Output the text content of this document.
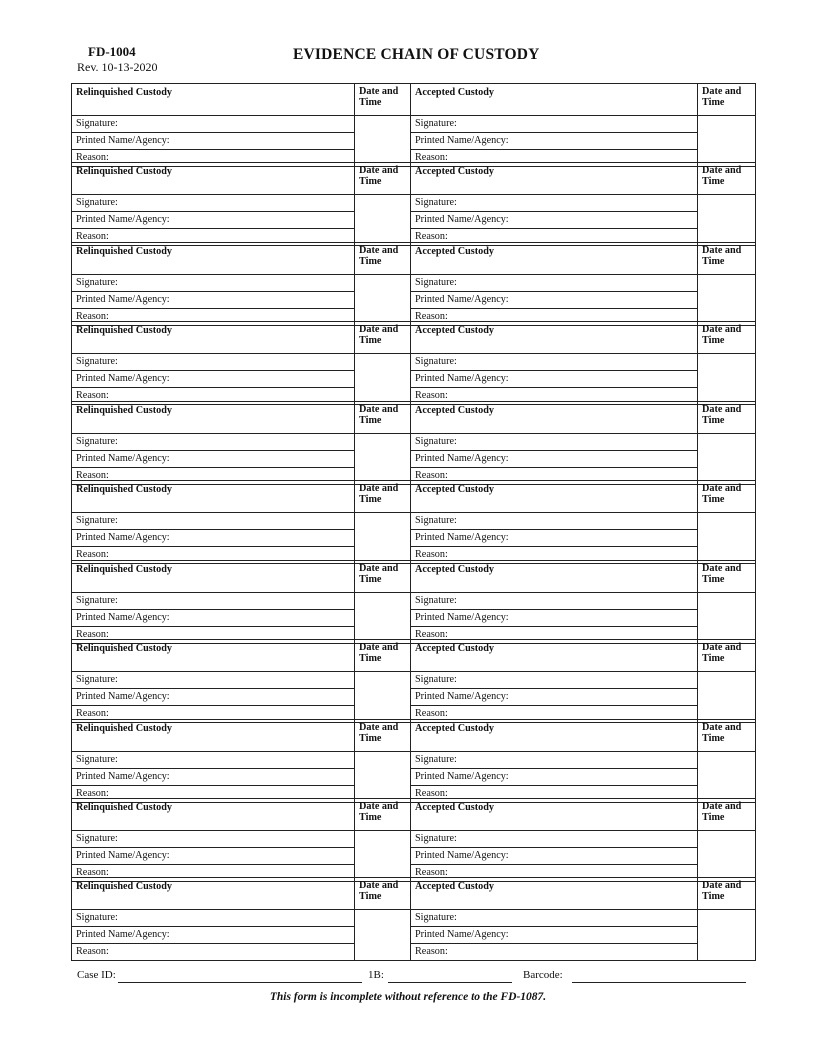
FD-1004
Rev. 10-13-2020
EVIDENCE CHAIN OF CUSTODY
Relinquished Custody	Date and Time	Accepted Custody	Date and Time
Signature:		Signature:	
Printed Name/Agency:		Printed Name/Agency:	
Reason:		Reason:	
Relinquished Custody	Date and Time	Accepted Custody	Date and Time
Signature:		Signature:	
Printed Name/Agency:		Printed Name/Agency:	
Reason:		Reason:	
Relinquished Custody	Date and Time	Accepted Custody	Date and Time
Signature:		Signature:	
Printed Name/Agency:		Printed Name/Agency:	
Reason:		Reason:	
Relinquished Custody	Date and Time	Accepted Custody	Date and Time
Signature:		Signature:	
Printed Name/Agency:		Printed Name/Agency:	
Reason:		Reason:	
Relinquished Custody	Date and Time	Accepted Custody	Date and Time
Signature:		Signature:	
Printed Name/Agency:		Printed Name/Agency:	
Reason:		Reason:	
Relinquished Custody	Date and Time	Accepted Custody	Date and Time
Signature:		Signature:	
Printed Name/Agency:		Printed Name/Agency:	
Reason:		Reason:	
Relinquished Custody	Date and Time	Accepted Custody	Date and Time
Signature:		Signature:	
Printed Name/Agency:		Printed Name/Agency:	
Reason:		Reason:	
Relinquished Custody	Date and Time	Accepted Custody	Date and Time
Signature:		Signature:	
Printed Name/Agency:		Printed Name/Agency:	
Reason:		Reason:	
Relinquished Custody	Date and Time	Accepted Custody	Date and Time
Signature:		Signature:	
Printed Name/Agency:		Printed Name/Agency:	
Reason:		Reason:	
Relinquished Custody	Date and Time	Accepted Custody	Date and Time
Signature:		Signature:	
Printed Name/Agency:		Printed Name/Agency:	
Reason:		Reason:	
Relinquished Custody	Date and Time	Accepted Custody	Date and Time
Signature:		Signature:	
Printed Name/Agency:		Printed Name/Agency:	
Reason:		Reason:	
Case ID:	1B:	Barcode:
This form is incomplete without reference to the FD-1087.
